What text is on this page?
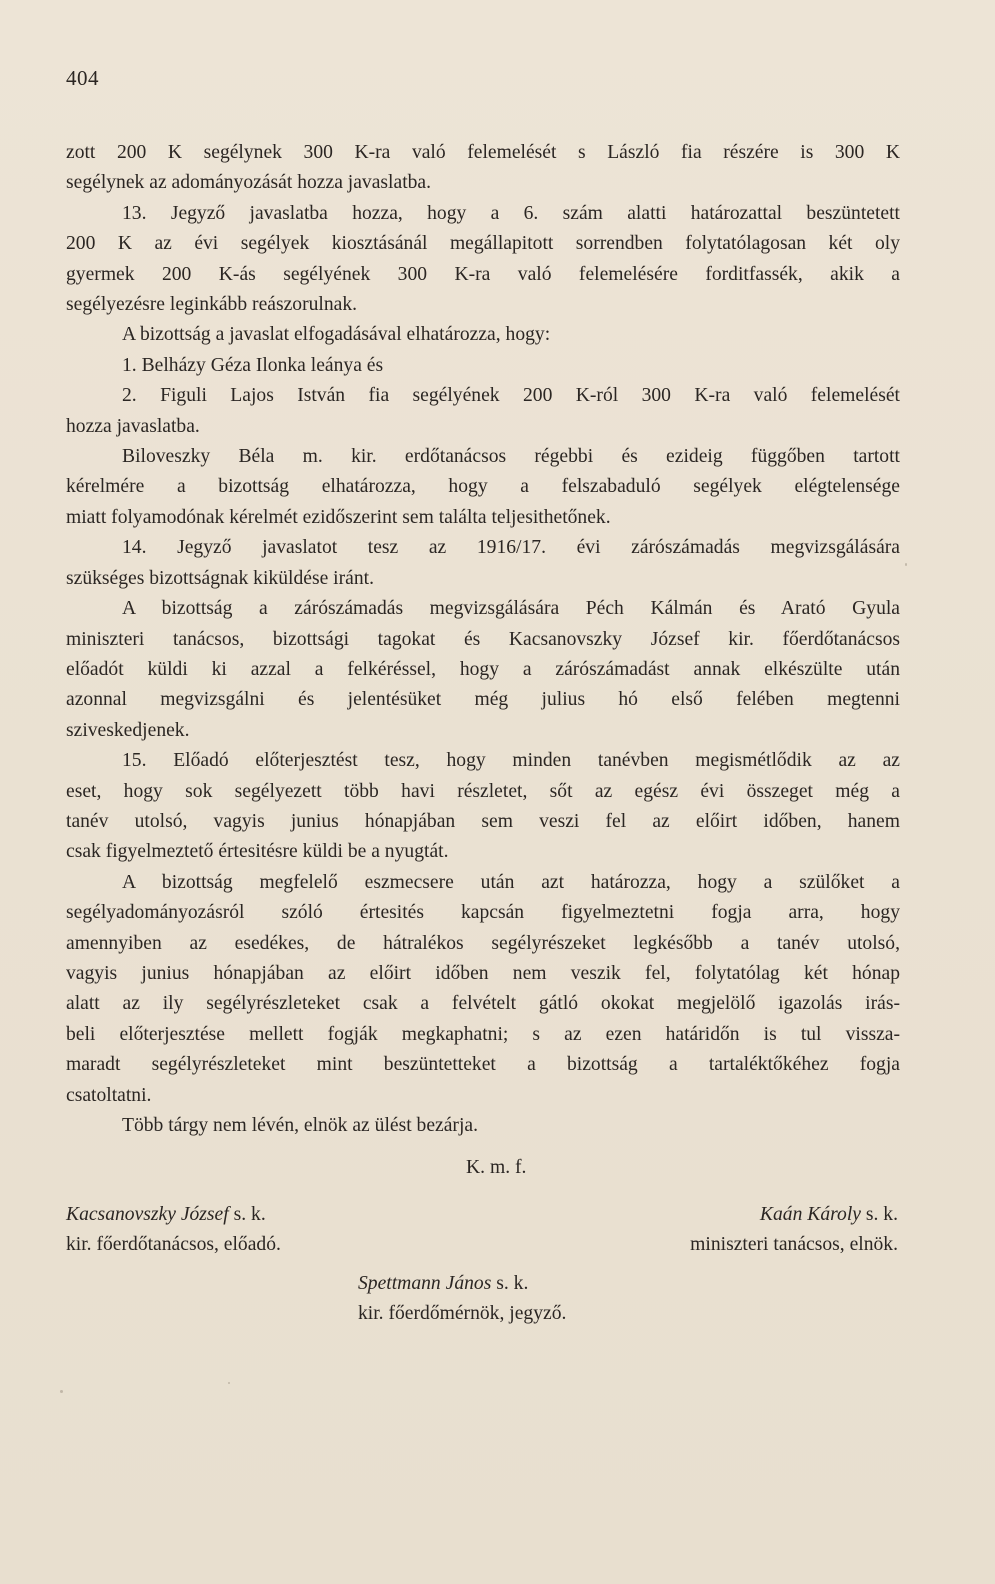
404
zott 200 K segélynek 300 K-ra való felemelését s László fia részére is 300 K
segélynek az adományozását hozza javaslatba.
13. Jegyző javaslatba hozza, hogy a 6. szám alatti határozattal beszüntetett
200 K az évi segélyek kiosztásánál megállapitott sorrendben folytatólagosan két oly
gyermek 200 K-ás segélyének 300 K-ra való felemelésére forditfassék, akik a
segélyezésre leginkább reászorulnak.
A bizottság a javaslat elfogadásával elhatározza, hogy:
1. Belházy Géza Ilonka leánya és
2. Figuli Lajos István fia segélyének 200 K-ról 300 K-ra való felemelését
hozza javaslatba.
Biloveszky Béla m. kir. erdőtanácsos régebbi és ezideig függőben tartott
kérelmére a bizottság elhatározza, hogy a felszabaduló segélyek elégtelensége
miatt folyamodónak kérelmét ezidőszerint sem találta teljesithetőnek.
14. Jegyző javaslatot tesz az 1916/17. évi zárószámadás megvizsgálására
szükséges bizottságnak kiküldése iránt.
A bizottság a zárószámadás megvizsgálására Péch Kálmán és Arató Gyula
miniszteri tanácsos, bizottsági tagokat és Kacsanovszky József kir. főerdőtanácsos
előadót küldi ki azzal a felkéréssel, hogy a zárószámadást annak elkészülte után
azonnal megvizsgálni és jelentésüket még julius hó első felében megtenni
sziveskedjenek.
15. Előadó előterjesztést tesz, hogy minden tanévben megismétlődik az az
eset, hogy sok segélyezett több havi részletet, sőt az egész évi összeget még a
tanév utolsó, vagyis junius hónapjában sem veszi fel az előirt időben, hanem
csak figyelmeztető értesitésre küldi be a nyugtát.
A bizottság megfelelő eszmecsere után azt határozza, hogy a szülőket a
segélyadományozásról szóló értesités kapcsán figyelmeztetni fogja arra, hogy
amennyiben az esedékes, de hátralékos segélyrészeket legkésőbb a tanév utolsó,
vagyis junius hónapjában az előirt időben nem veszik fel, folytatólag két hónap
alatt az ily segélyrészleteket csak a felvételt gátló okokat megjelölő igazolás irás-
beli előterjesztése mellett fogják megkaphatni; s az ezen határidőn is tul vissza-
maradt segélyrészleteket mint beszüntetteket a bizottság a tartaléktőkéhez fogja
csatoltatni.
Több tárgy nem lévén, elnök az ülést bezárja.
K. m. f.
Kacsanovszky József s. k.
kir. főerdőtanácsos, előadó.
Kaán Károly s. k.
miniszteri tanácsos, elnök.
Spettmann János s. k.
kir. főerdőmérnök, jegyző.
